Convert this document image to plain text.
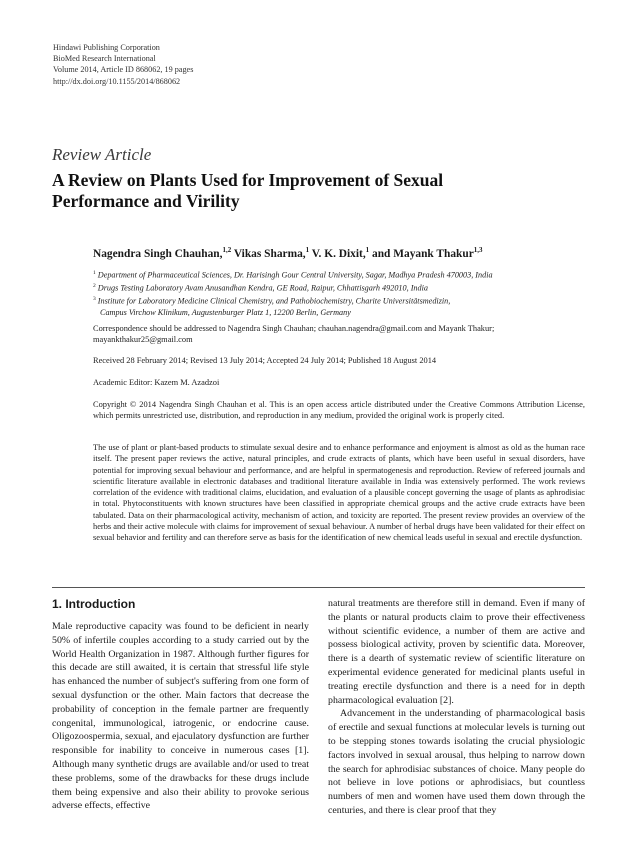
Hindawi Publishing Corporation
BioMed Research International
Volume 2014, Article ID 868062, 19 pages
http://dx.doi.org/10.1155/2014/868062
Review Article
A Review on Plants Used for Improvement of Sexual Performance and Virility
Nagendra Singh Chauhan,$^{1,2}$ Vikas Sharma,$^1$ V. K. Dixit,$^1$ and Mayank Thakur$^{1,3}$
$^1$ Department of Pharmaceutical Sciences, Dr. Harisingh Gour Central University, Sagar, Madhya Pradesh 470003, India
$^2$ Drugs Testing Laboratory Avam Anusandhan Kendra, GE Road, Raipur, Chhattisgarh 492010, India
$^3$ Institute for Laboratory Medicine Clinical Chemistry, and Pathobiochemistry, Charite Universitätsmedizin,
Campus Virchow Klinikum, Augustenburger Platz 1, 12200 Berlin, Germany
Correspondence should be addressed to Nagendra Singh Chauhan; chauhan.nagendra@gmail.com and Mayank Thakur; mayankthakur25@gmail.com
Received 28 February 2014; Revised 13 July 2014; Accepted 24 July 2014; Published 18 August 2014
Academic Editor: Kazem M. Azadzoi
Copyright © 2014 Nagendra Singh Chauhan et al. This is an open access article distributed under the Creative Commons Attribution License, which permits unrestricted use, distribution, and reproduction in any medium, provided the original work is properly cited.
The use of plant or plant-based products to stimulate sexual desire and to enhance performance and enjoyment is almost as old as the human race itself. The present paper reviews the active, natural principles, and crude extracts of plants, which have been useful in sexual disorders, have potential for improving sexual behaviour and performance, and are helpful in spermatogenesis and reproduction. Review of refereed journals and scientific literature available in electronic databases and traditional literature available in India was extensively performed. The work reviews correlation of the evidence with traditional claims, elucidation, and evaluation of a plausible concept governing the usage of plants as aphrodisiac in total. Phytoconstituents with known structures have been classified in appropriate chemical groups and the active crude extracts have been tabulated. Data on their pharmacological activity, mechanism of action, and toxicity are reported. The present review provides an overview of the herbs and their active molecule with claims for improvement of sexual behaviour. A number of herbal drugs have been validated for their effect on sexual behavior and fertility and can therefore serve as basis for the identification of new chemical leads useful in sexual and erectile dysfunction.
1. Introduction

Male reproductive capacity was found to be deficient in nearly 50% of infertile couples according to a study carried out by the World Health Organization in 1987. Although further figures for this decade are still awaited, it is certain that stressful life style has enhanced the number of subject's suffering from one form of sexual dysfunction or the other. Main factors that decrease the probability of conception in the female partner are frequently congenital, immunological, iatrogenic, or endocrine cause. Oligozoospermia, sexual, and ejaculatory dysfunction are further responsible for inability to conceive in numerous cases [1]. Although many synthetic drugs are available and/or used to treat these problems, some of the drawbacks for these drugs include them being expensive and also their ability to provoke serious adverse effects, effective

natural treatments are therefore still in demand. Even if many of the plants or natural products claim to prove their effectiveness without scientific evidence, a number of them are active and possess biological activity, proven by scientific data. Moreover, there is a dearth of systematic review of scientific literature on experimental evidence generated for medicinal plants useful in treating erectile dysfunction and there is a need for in depth pharmacological evaluation [2].

Advancement in the understanding of pharmacological basis of erectile and sexual functions at molecular levels is turning out to be stepping stones towards isolating the crucial physiologic factors involved in sexual arousal, thus helping to narrow down the search for aphrodisiac substances of choice. Many people do not believe in love potions or aphrodisiacs, but countless numbers of men and women have used them down through the centuries, and there is clear proof that they
